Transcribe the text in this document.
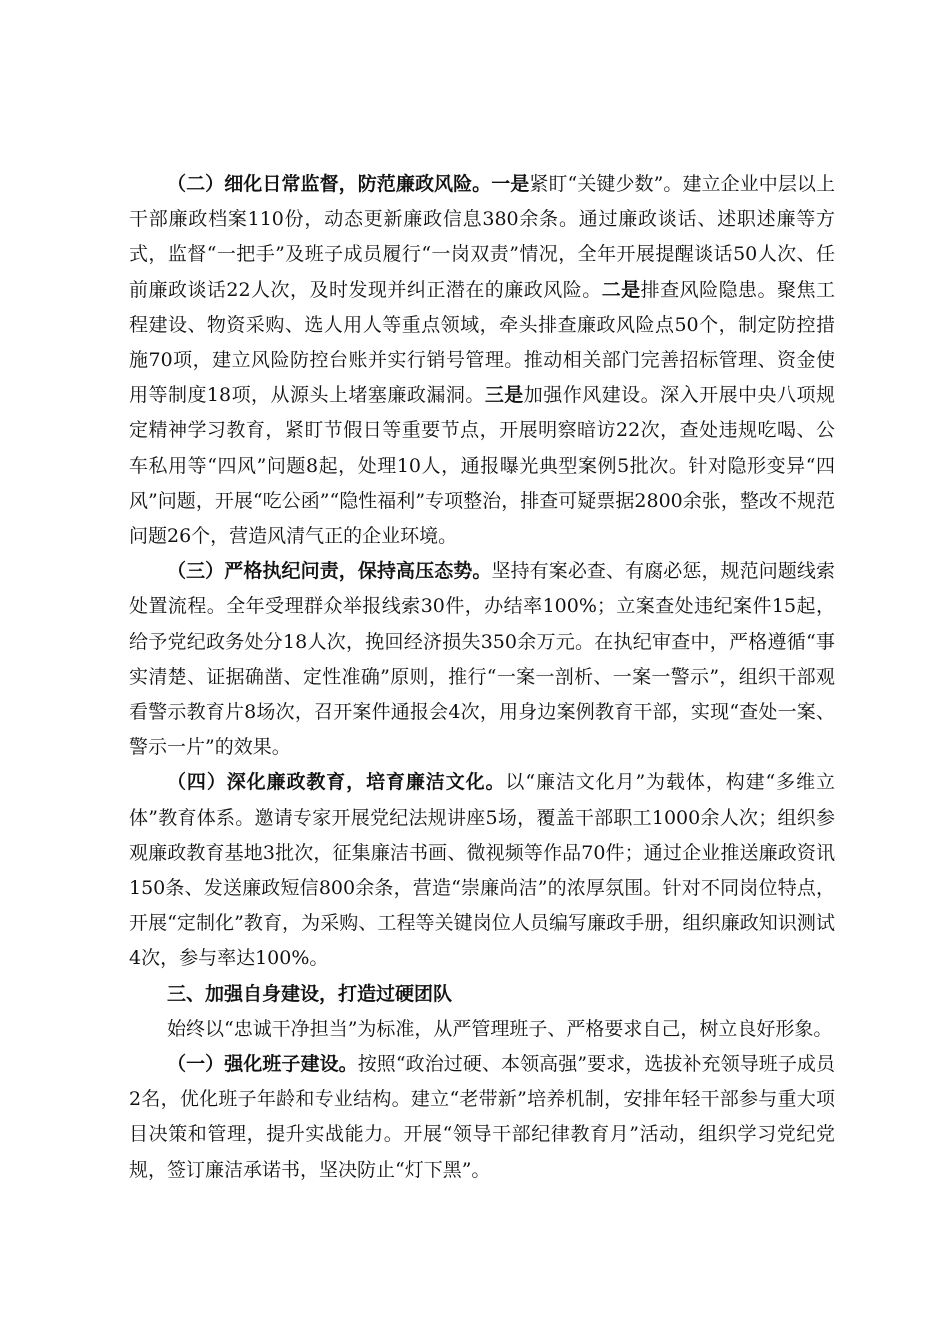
（二）细化日常监督，防范廉政风险。一是紧盯“关键少数”。建立企业中层以上干部廉政档案110份，动态更新廉政信息380余条。通过廉政谈话、述职述廉等方式，监督“一把手”及班子成员履行“一岗双责”情况，全年开展提醒谈话50人次、任前廉政谈话22人次，及时发现并纠正潜在的廉政风险。二是排查风险隐患。聚焦工程建设、物资采购、选人用人等重点领域，牵头排查廉政风险点50个，制定防控措施70项，建立风险防控台账并实行销号管理。推动相关部门完善招标管理、资金使用等制度18项，从源头上堵塞廉政漏洞。三是加强作风建设。深入开展中央八项规定精神学习教育，紧盯节假日等重要节点，开展明察暗访22次，查处违规吃喝、公车私用等“四风”问题8起，处理10人，通报曝光典型案例5批次。针对隐形变异“四风”问题，开展“吃公函”“隐性福利”专项整治，排查可疑票据2800余张，整改不规范问题26个，营造风清气正的企业环境。

（三）严格执纪问责，保持高压态势。坚持有案必查、有腐必惩，规范问题线索处置流程。全年受理群众举报线索30件，办结率100%；立案查处违纪案件15起，给予党纪政务处分18人次，挽回经济损失350余万元。在执纪审查中，严格遵循“事实清楚、证据确凿、定性准确”原则，推行“一案一剖析、一案一警示”，组织干部观看警示教育片8场次，召开案件通报会4次，用身边案例教育干部，实现“查处一案、警示一片”的效果。

（四）深化廉政教育，培育廉洁文化。以“廉洁文化月”为载体，构建“多维立体”教育体系。邀请专家开展党纪法规讲座5场，覆盖干部职工1000余人次；组织参观廉政教育基地3批次，征集廉洁书画、微视频等作品70件；通过企业推送廉政资讯150条、发送廉政短信800余条，营造“崇廉尚洁”的浓厚氛围。针对不同岗位特点，开展“定制化”教育，为采购、工程等关键岗位人员编写廉政手册，组织廉政知识测试4次，参与率达100%。

三、加强自身建设，打造过硬团队

始终以“忠诚干净担当”为标准，从严管理班子、严格要求自己，树立良好形象。

（一）强化班子建设。按照“政治过硬、本领高强”要求，选拔补充领导班子成员2名，优化班子年龄和专业结构。建立“老带新”培养机制，安排年轻干部参与重大项目决策和管理，提升实战能力。开展“领导干部纪律教育月”活动，组织学习党纪党规，签订廉洁承诺书，坚决防止“灯下黑”。
